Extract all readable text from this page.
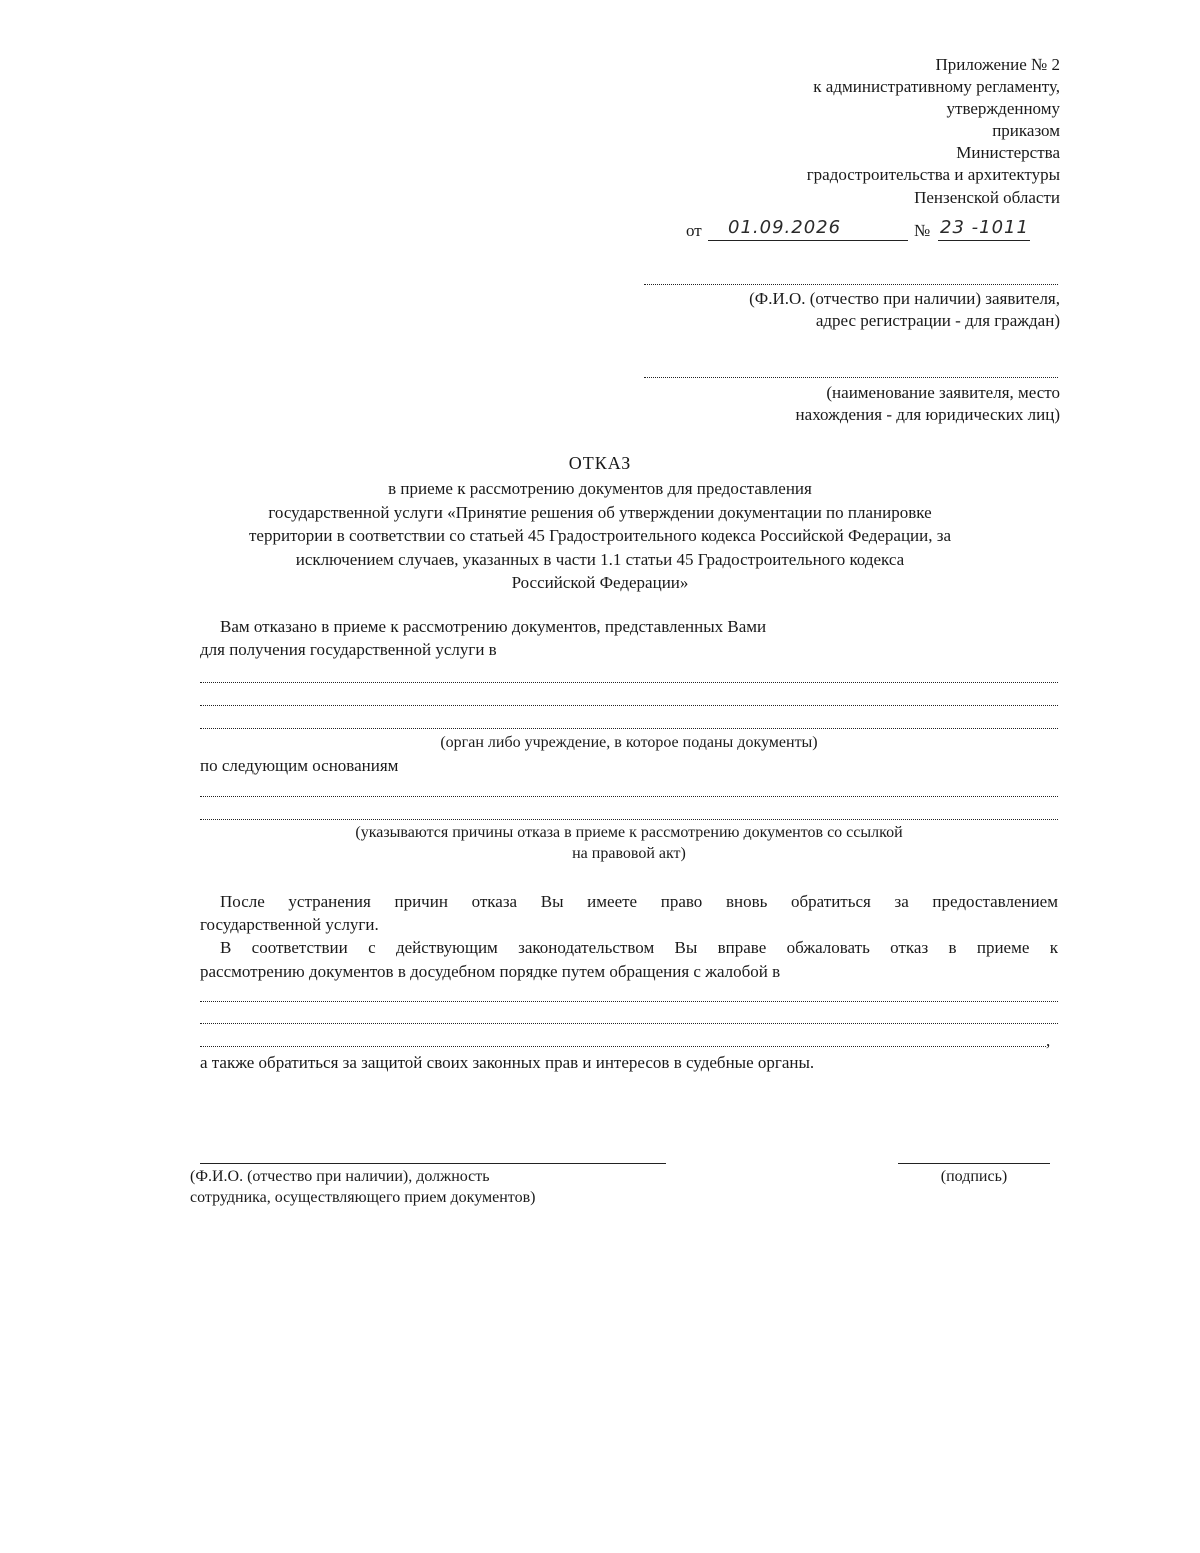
Приложение № 2
к административному регламенту,
утвержденному
приказом
Министерства
градостроительства и архитектуры
Пензенской области
от 01.09.2026	№ 23 -1011
(Ф.И.О. (отчество при наличии) заявителя,
адрес регистрации - для граждан)
(наименование заявителя, место
нахождения - для юридических лиц)
ОТКАЗ
в приеме к рассмотрению документов для предоставления
государственной услуги «Принятие решения об утверждении документации по планировке
территории в соответствии со статьей 45 Градостроительного кодекса Российской Федерации, за
исключением случаев, указанных в части 1.1 статьи 45 Градостроительного кодекса
Российской Федерации»
Вам отказано в приеме к рассмотрению документов, представленных Вами
для получения государственной услуги в
(орган либо учреждение, в которое поданы документы)
по следующим основаниям
(указываются причины отказа в приеме к рассмотрению документов со ссылкой
на правовой акт)
После устранения причин отказа Вы имеете право вновь обратиться за предоставлением
государственной услуги.
В соответствии с действующим законодательством Вы вправе обжаловать отказ в приеме к
рассмотрению документов в досудебном порядке путем обращения с жалобой в
,
а также обратиться за защитой своих законных прав и интересов в судебные органы.
(Ф.И.О. (отчество при наличии), должность
сотрудника, осуществляющего прием документов)
(подпись)
